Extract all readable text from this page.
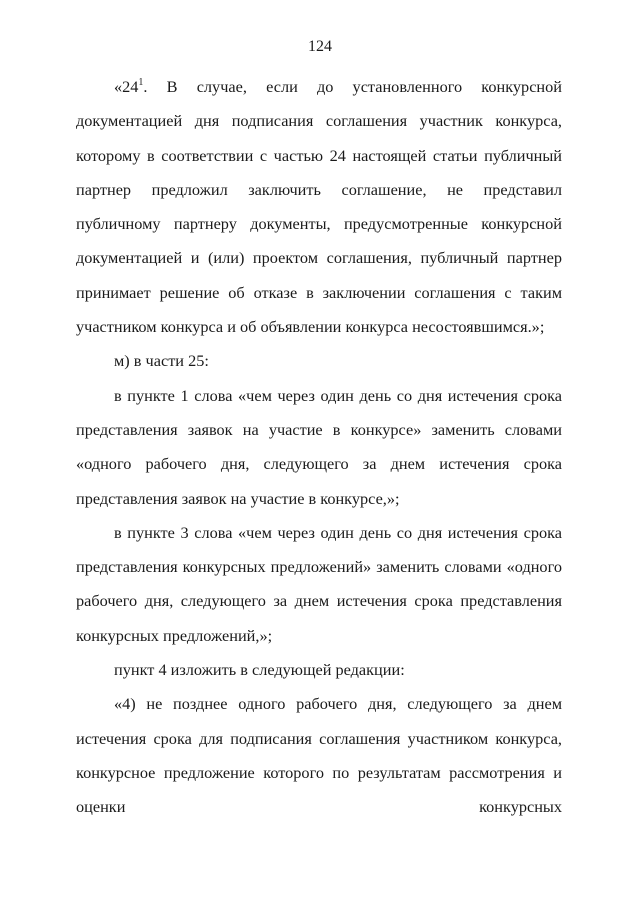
124

«$24^1$. В случае, если до установленного конкурсной документацией дня подписания соглашения участник конкурса, которому в соответствии с частью 24 настоящей статьи публичный партнер предложил заключить соглашение, не представил публичному партнеру документы, предусмотренные конкурсной документацией и (или) проектом соглашения, публичный партнер принимает решение об отказе в заключении соглашения с таким участником конкурса и об объявлении конкурса несостоявшимся.»;

м) в части 25:

в пункте 1 слова «чем через один день со дня истечения срока представления заявок на участие в конкурсе» заменить словами «одного рабочего дня, следующего за днем истечения срока представления заявок на участие в конкурсе,»;

в пункте 3 слова «чем через один день со дня истечения срока представления конкурсных предложений» заменить словами «одного рабочего дня, следующего за днем истечения срока представления конкурсных предложений,»;

пункт 4 изложить в следующей редакции:

«4) не позднее одного рабочего дня, следующего за днем истечения срока для подписания соглашения участником конкурса, конкурсное предложение которого по результатам рассмотрения и оценки конкурсных
